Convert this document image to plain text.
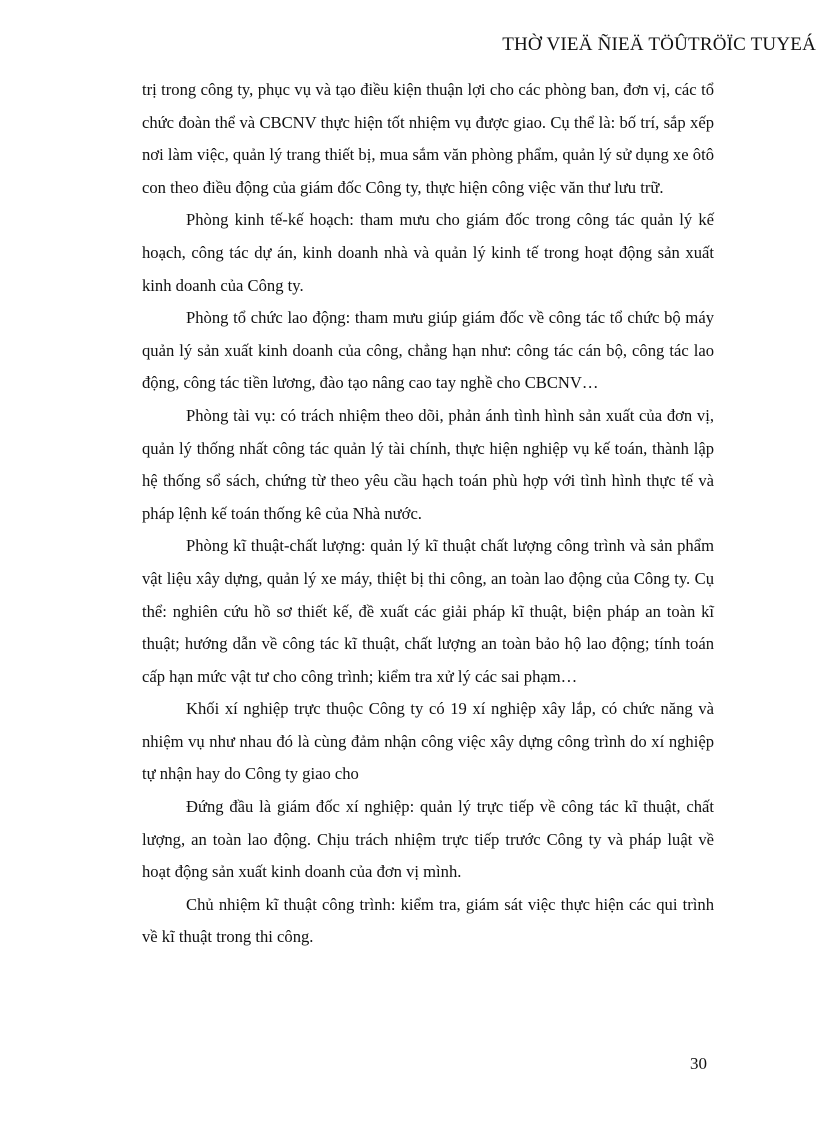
THỜ VIEÄ ÑIEÄ TÖÛTRÖÏC TUYEÁ

trị trong công ty, phục vụ và tạo điều kiện thuận lợi cho các phòng ban, đơn vị, các tổ chức đoàn thể và CBCNV thực hiện tốt nhiệm vụ được giao. Cụ thể là: bố trí, sắp xếp nơi làm việc, quản lý trang thiết bị, mua sắm văn phòng phẩm, quản lý sử dụng xe ôtô con theo điều động của giám đốc Công ty, thực hiện công việc văn thư lưu trữ.

Phòng kinh tế-kế hoạch: tham mưu cho giám đốc trong công tác quản lý kế hoạch, công tác dự án, kinh doanh nhà và quản lý kinh tế trong hoạt động sản xuất kinh doanh của Công ty.

Phòng tổ chức lao động: tham mưu giúp giám đốc về công tác tổ chức bộ máy quản lý sản xuất kinh doanh của công, chẳng hạn như: công tác cán bộ, công tác lao động, công tác tiền lương, đào tạo nâng cao tay nghề cho CBCNV…

Phòng tài vụ: có trách nhiệm theo dõi, phản ánh tình hình sản xuất của đơn vị, quản lý thống nhất công tác quản lý tài chính, thực hiện nghiệp vụ kế toán, thành lập hệ thống sổ sách, chứng từ theo yêu cầu hạch toán phù hợp với tình hình thực tế và pháp lệnh kế toán thống kê của Nhà nước.

Phòng kĩ thuật-chất lượng: quản lý kĩ thuật chất lượng công trình và sản phẩm vật liệu xây dựng, quản lý xe máy, thiệt bị thi công, an toàn lao động của Công ty. Cụ thể: nghiên cứu hồ sơ thiết kế, đề xuất các giải pháp kĩ thuật, biện pháp an toàn kĩ thuật; hướng dẫn về công tác kĩ thuật, chất lượng an toàn bảo hộ lao động; tính toán cấp hạn mức vật tư cho công trình; kiểm tra xử lý các sai phạm…

Khối xí nghiệp trực thuộc Công ty có 19 xí nghiệp xây lắp, có chức năng và nhiệm vụ như nhau đó là cùng đảm nhận công việc xây dựng công trình do xí nghiệp tự nhận hay do Công ty giao cho

Đứng đầu là giám đốc xí nghiệp: quản lý trực tiếp về công tác kĩ thuật, chất lượng, an toàn lao động. Chịu trách nhiệm trực tiếp trước Công ty và pháp luật về hoạt động sản xuất kinh doanh của đơn vị mình.

Chủ nhiệm kĩ thuật công trình: kiểm tra, giám sát việc thực hiện các qui trình về kĩ thuật trong thi công.

30
